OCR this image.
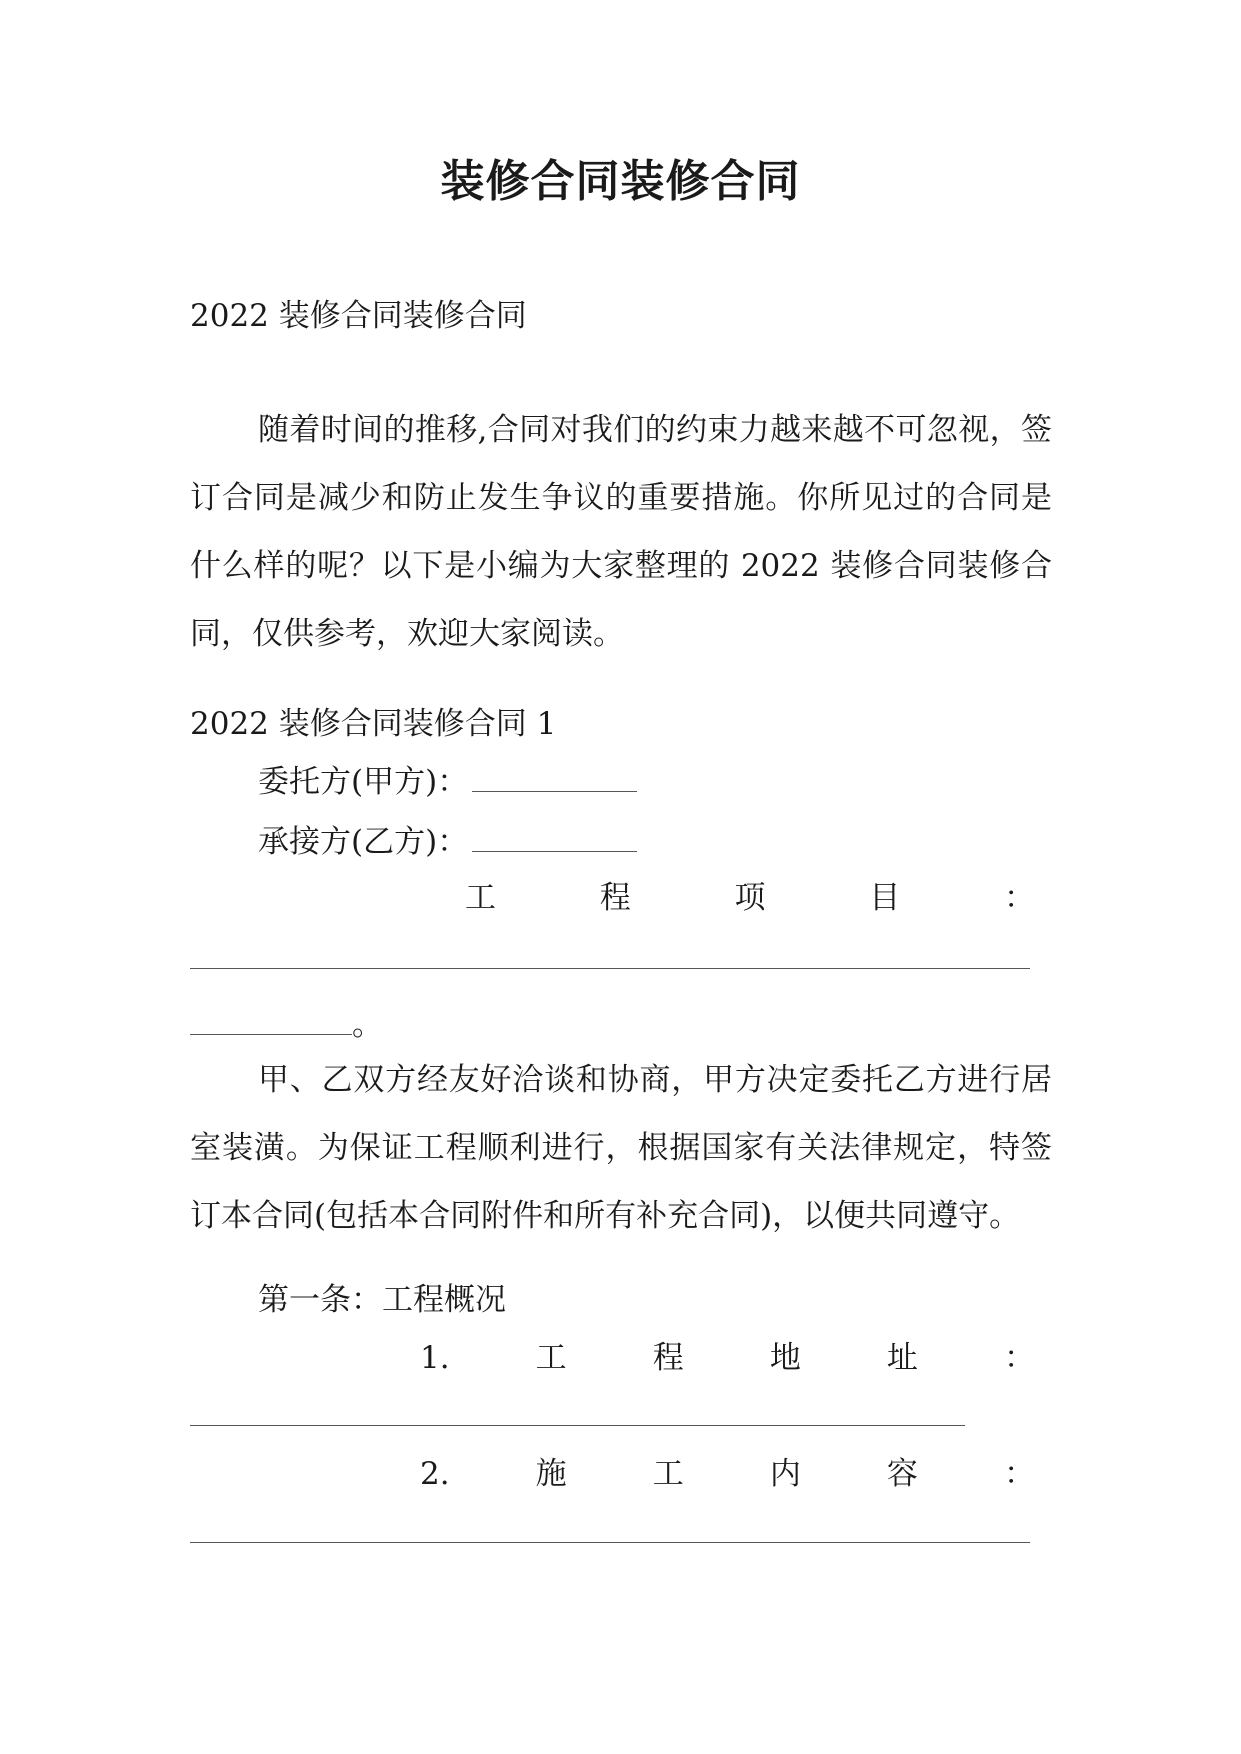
装修合同装修合同
2022 装修合同装修合同

随着时间的推移,合同对我们的约束力越来越不可忽视，签订合同是减少和防止发生争议的重要措施。你所见过的合同是什么样的呢？以下是小编为大家整理的 2022 装修合同装修合同，仅供参考，欢迎大家阅读。

2022 装修合同装修合同 1
委托方(甲方)：
承接方(乙方)：
工	程	项	目	：
。

甲、乙双方经友好洽谈和协商，甲方决定委托乙方进行居室装潢。为保证工程顺利进行，根据国家有关法律规定，特签订本合同(包括本合同附件和所有补充合同)，以便共同遵守。

第一条：工程概况
1.	工	程	地	址	：
2.	施	工	内	容	：
